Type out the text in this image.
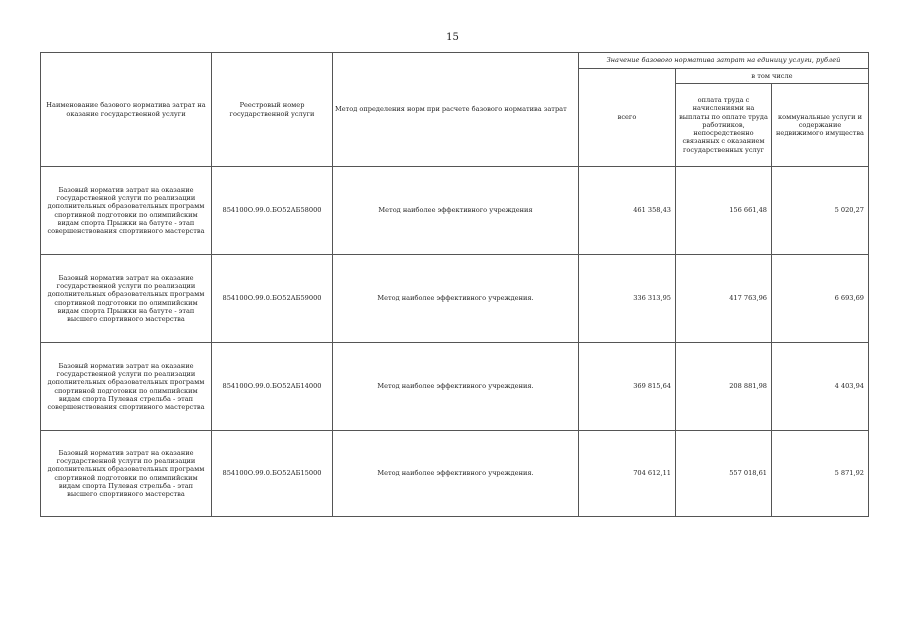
15
Наименование базового норматива затрат на оказание государственной услуги	Реестровый номер государственной услуги	Метод определения норм при расчете базового норматива затрат	Значение базового норматива затрат на единицу услуги, рублей		
			всего	в том числе	
				оплата труда с начислениями на выплаты по оплате труда работников, непосредственно связанных с оказанием государственных услуг	коммунальные услуги и содержание недвижимого имущества
Базовый норматив затрат на оказание государственной услуги по реализации дополнительных образовательных программ спортивной подготовки по олимпийским видам спорта Прыжки на батуте - этап совершенствования спортивного мастерства	854100О.99.0.БО52АБ58000	Метод наиболее эффективного учреждения	461 358,43	156 661,48	5 020,27
Базовый норматив затрат на оказание государственной услуги по реализации дополнительных образовательных программ спортивной подготовки по олимпийским видам спорта Прыжки на батуте - этап высшего спортивного мастерства	854100О.99.0.БО52АБ59000	Метод наиболее эффективного учреждения.	336 313,95	417 763,96	6 693,69
Базовый норматив затрат на оказание государственной услуги по реализации дополнительных образовательных программ спортивной подготовки по олимпийским видам спорта Пулевая стрельба - этап совершенствования спортивного мастерства	854100О.99.0.БО52АБ14000	Метод наиболее эффективного учреждения.	369 815,64	208 881,98	4 403,94
Базовый норматив затрат на оказание государственной услуги по реализации дополнительных образовательных программ спортивной подготовки по олимпийским видам спорта Пулевая стрельба - этап высшего спортивного мастерства	854100О.99.0.БО52АБ15000	Метод наиболее эффективного учреждения.	704 612,11	557 018,61	5 871,92
